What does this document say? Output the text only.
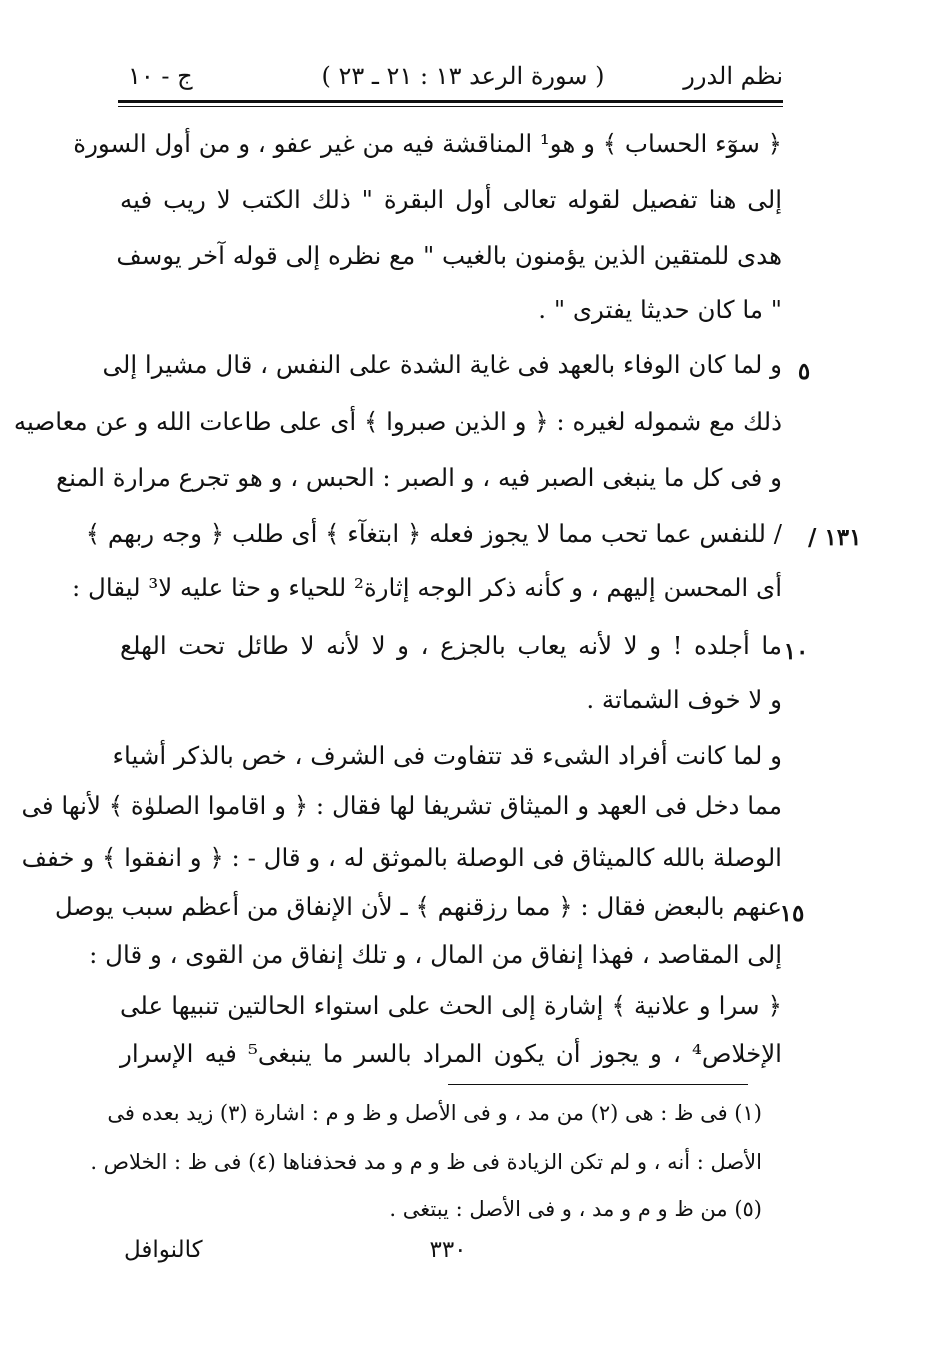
نظم الدرر
( سورة الرعد ١٣ : ٢١ ـ ٢٣ )
ج - ١٠
﴿ سوٓء الحساب ﴾ و هو¹ المناقشة فيه من غير عفو ، و من أول السورة
إلى هنا تفصيل لقوله تعالى أول البقرة " ذلك الكتب لا ريب فيه
هدى للمتقين الذين يؤمنون بالغيب " مع نظره إلى قوله آخر يوسف
" ما كان حديثا يفترى " .
و لما كان الوفاء بالعهد فى غاية الشدة على النفس ، قال مشيرا إلى
ذلك مع شموله لغيره : ﴿ و الذين صبروا ﴾ أى على طاعات الله و عن معاصيه
و فى كل ما ينبغى الصبر فيه ، و الصبر : الحبس ، و هو تجرع مرارة المنع
/ للنفس عما تحب مما لا يجوز فعله ﴿ ابتغآء ﴾ أى طلب ﴿ وجه ربهم ﴾
أى المحسن إليهم ، و كأنه ذكر الوجه إثارة² للحياء و حثا عليه لا³ ليقال :
ما أجلده ! و لا لأنه يعاب بالجزع ، و لا لأنه لا طائل تحت الهلع
و لا خوف الشماتة .
و لما كانت أفراد الشىء قد تتفاوت فى الشرف ، خص بالذكر أشياء
مما دخل فى العهد و الميثاق تشريفا لها فقال : ﴿ و اقاموا الصلوٰة ﴾ لأنها فى
الوصلة بالله كالميثاق فى الوصلة بالموثق له ، و قال - : ﴿ و انفقوا ﴾ و خفف
عنهم بالبعض فقال : ﴿ مما رزقنهم ﴾ ـ لأن الإنفاق من أعظم سبب يوصل
إلى المقاصد ، فهذا إنفاق من المال ، و تلك إنفاق من القوى ، و قال :
﴿ سرا و علانية ﴾ إشارة إلى الحث على استواء الحالتين تنبيها على
الإخلاص⁴ ، و يجوز أن يكون المراد بالسر ما ينبغى⁵ فيه الإسرار
٥
١٣١ /
١٠
١٥
(١) فى ظ : هى (٢) من مد ، و فى الأصل و ظ و م : اشارة (٣) زيد بعده فى
الأصل : أنه ، و لم تكن الزيادة فى ظ و م و مد فحذفناها (٤) فى ظ : الخلاص .
(٥) من ظ و م و مد ، و فى الأصل : يبتغى .
٣٣٠
كالنوافل
